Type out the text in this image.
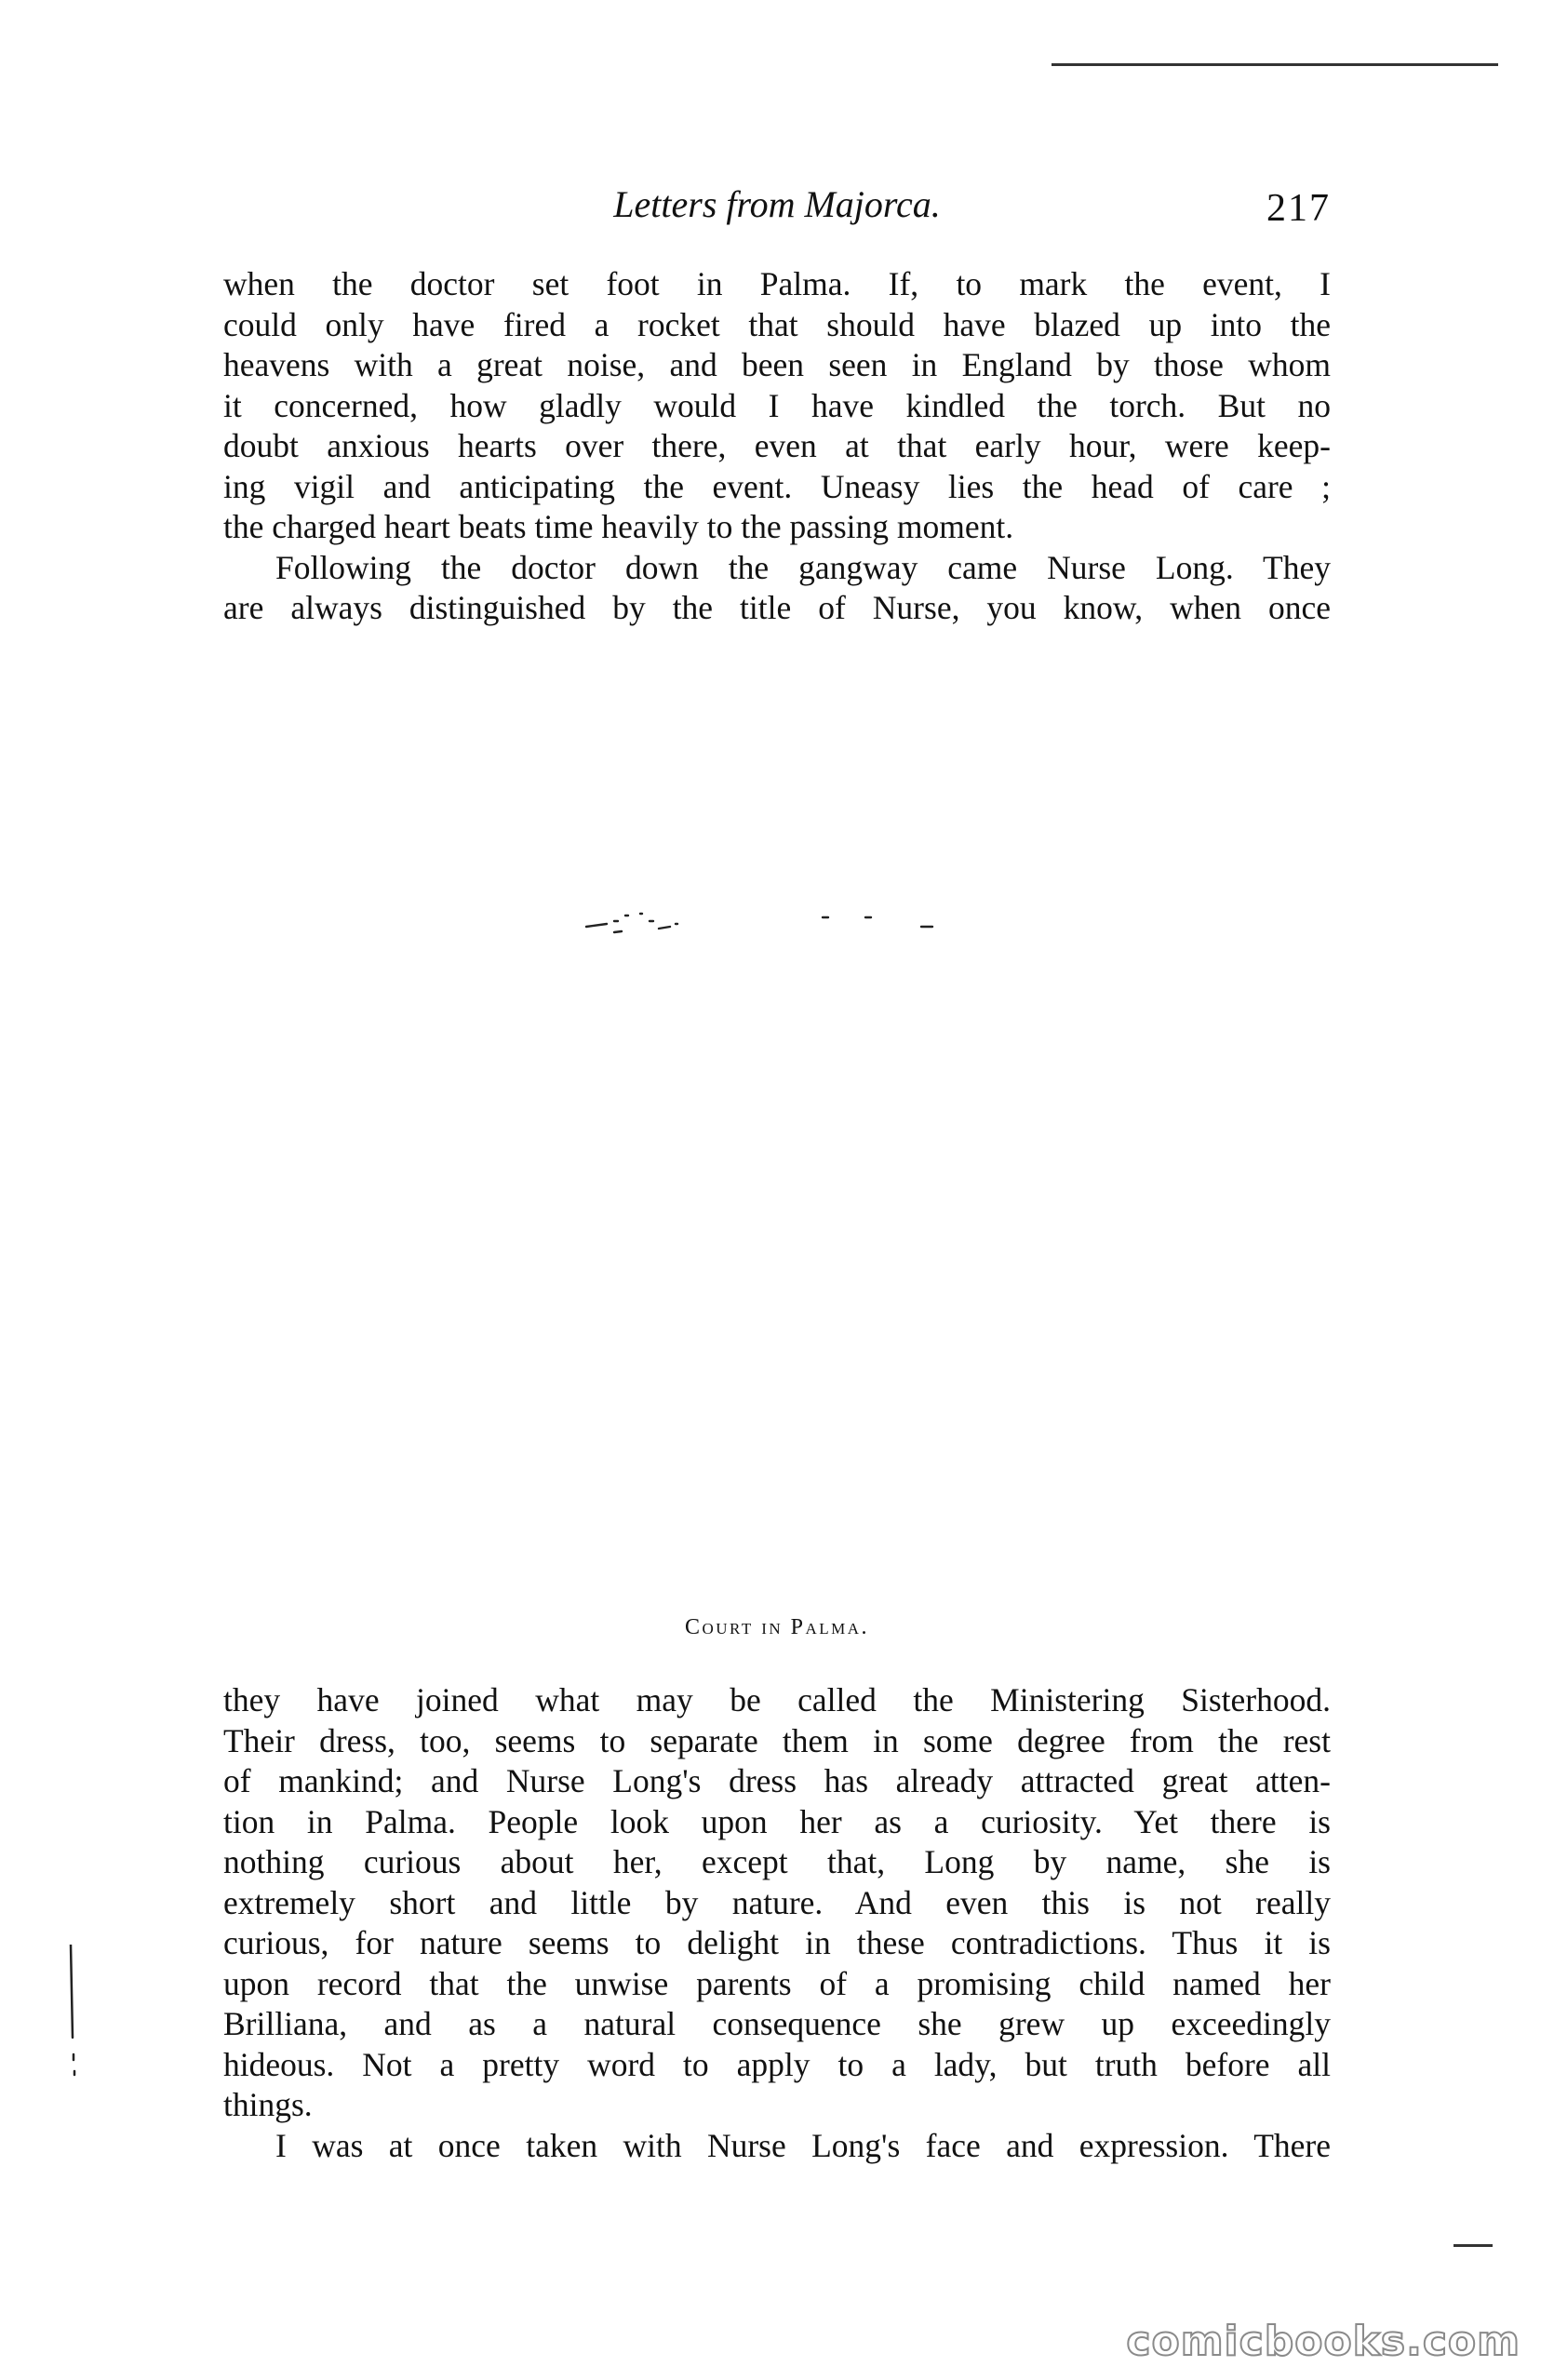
Letters from Majorca.	217
when the doctor set foot in Palma. If, to mark the event, I
could only have fired a rocket that should have blazed up into the
heavens with a great noise, and been seen in England by those whom
it concerned, how gladly would I have kindled the torch. But no
doubt anxious hearts over there, even at that early hour, were keep-
ing vigil and anticipating the event. Uneasy lies the head of care ;
the charged heart beats time heavily to the passing moment.
Following the doctor down the gangway came Nurse Long. They
are always distinguished by the title of Nurse, you know, when once
Court in Palma.
they have joined what may be called the Ministering Sisterhood.
Their dress, too, seems to separate them in some degree from the rest
of mankind; and Nurse Long's dress has already attracted great atten-
tion in Palma. People look upon her as a curiosity. Yet there is
nothing curious about her, except that, Long by name, she is
extremely short and little by nature. And even this is not really
curious, for nature seems to delight in these contradictions. Thus it is
upon record that the unwise parents of a promising child named her
Brilliana, and as a natural consequence she grew up exceedingly
hideous. Not a pretty word to apply to a lady, but truth before all
things.
I was at once taken with Nurse Long's face and expression. There
comicbooks.com
